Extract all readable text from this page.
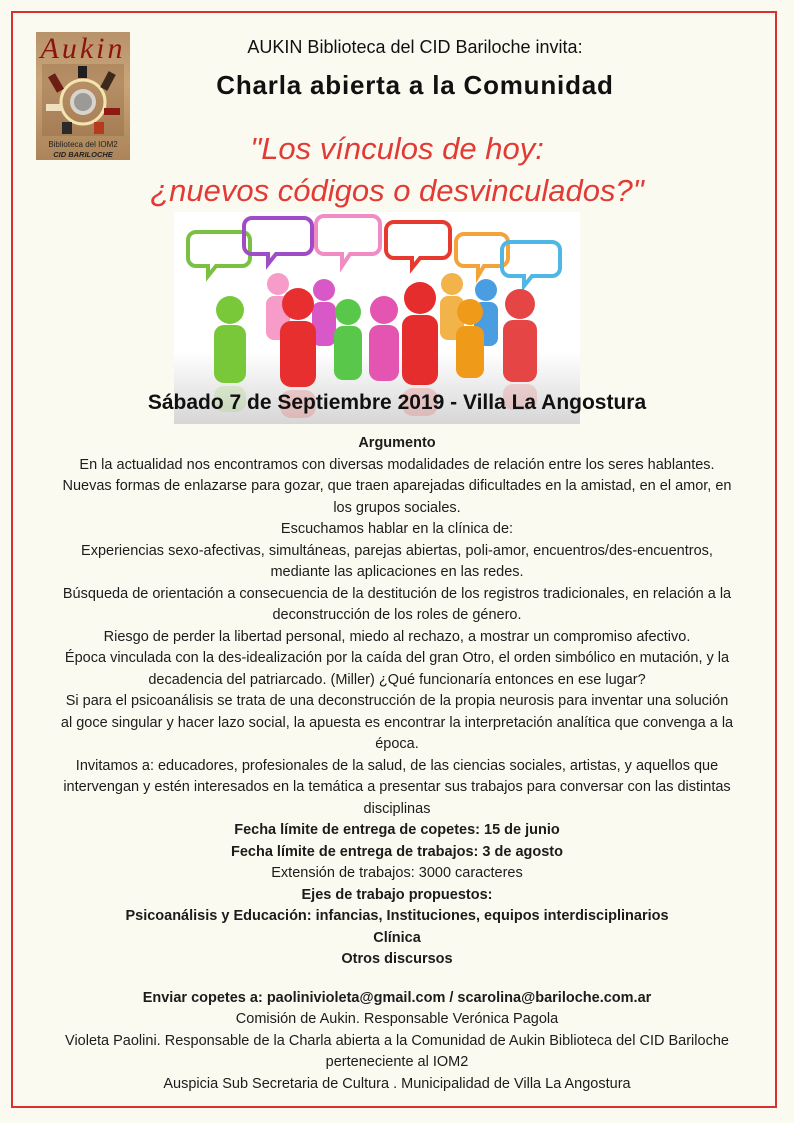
Aukin
Biblioteca del IOM2
CID BARILOCHE
AUKIN Biblioteca del CID Bariloche invita:
Charla abierta a la Comunidad
"Los vínculos de hoy:
¿nuevos códigos o desvinculados?"
Sábado 7 de Septiembre 2019 - Villa La Angostura
Argumento
En la actualidad nos encontramos con diversas modalidades de relación entre los seres hablantes.
Nuevas formas de enlazarse para gozar, que traen aparejadas dificultades en la amistad, en el amor, en
los grupos sociales.
Escuchamos hablar en la clínica de:
Experiencias sexo-afectivas, simultáneas, parejas abiertas, poli-amor, encuentros/des-encuentros,
mediante las aplicaciones en las redes.
Búsqueda de orientación a consecuencia de la destitución de los registros tradicionales, en relación a la
deconstrucción de los roles de género.
Riesgo de perder la libertad personal, miedo al rechazo, a mostrar un compromiso afectivo.
Época vinculada con la des-idealización por la caída del gran Otro, el orden simbólico en mutación, y la
decadencia del patriarcado. (Miller) ¿Qué funcionaría entonces en ese lugar?
Si para el psicoanálisis se trata de una deconstrucción de la propia neurosis para inventar una solución
al goce singular y hacer lazo social, la apuesta es encontrar la interpretación analítica que convenga a la
época.
Invitamos a: educadores, profesionales de la salud, de las ciencias sociales, artistas, y aquellos que
intervengan y estén interesados en la temática a presentar sus trabajos para conversar con las distintas
disciplinas
Fecha límite de entrega de copetes: 15 de junio
Fecha límite de entrega de trabajos: 3 de agosto
Extensión de trabajos: 3000 caracteres
Ejes de trabajo propuestos:
Psicoanálisis y Educación: infancias, Instituciones, equipos interdisciplinarios
Clínica
Otros discursos
Enviar copetes a: paolinivioleta@gmail.com / scarolina@bariloche.com.ar
Comisión de Aukin. Responsable Verónica Pagola
Violeta Paolini. Responsable de la Charla abierta a la Comunidad de Aukin Biblioteca del CID Bariloche
perteneciente al IOM2
Auspicia Sub Secretaria de Cultura . Municipalidad de Villa La Angostura
